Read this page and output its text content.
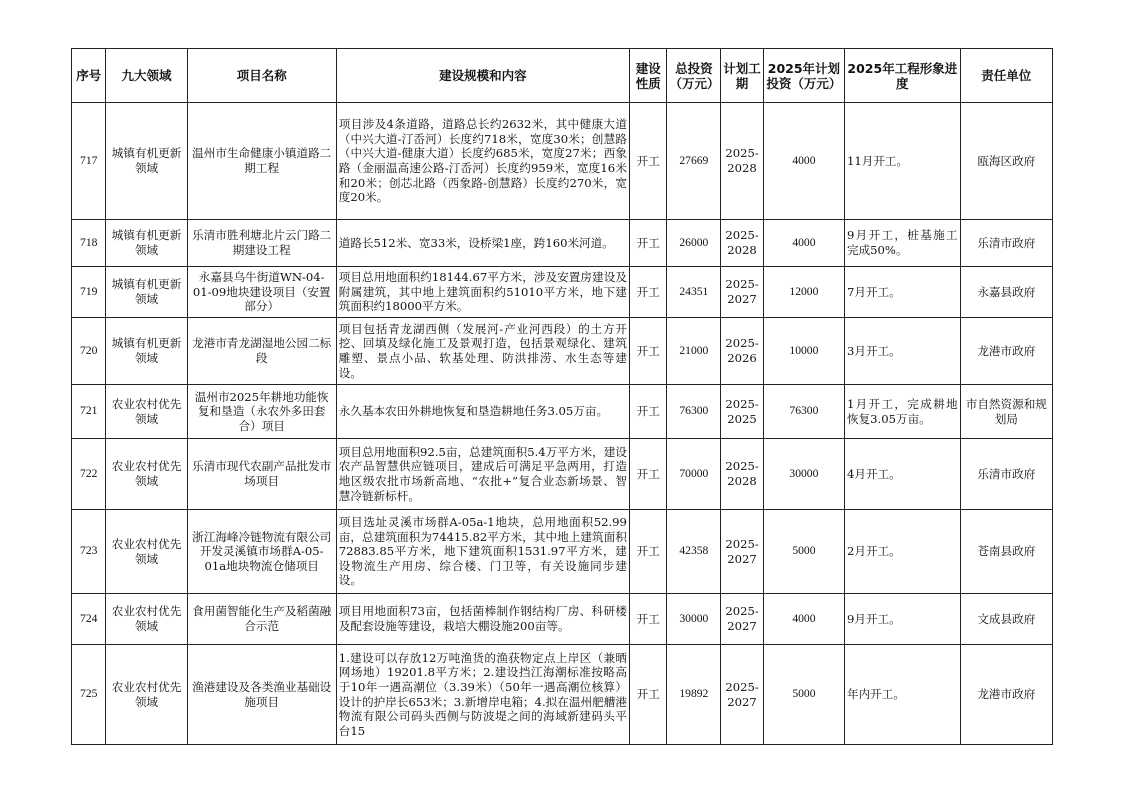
序号	九大领域	项目名称	建设规模和内容	建设性质	总投资（万元）	计划工期	2025年计划投资（万元）	2025年工程形象进度	责任单位
717	城镇有机更新领域	温州市生命健康小镇道路二期工程	项目涉及4条道路，道路总长约2632米，其中健康大道（中兴大道-汀岙河）长度约718米，宽度30米；创慧路（中兴大道-健康大道）长度约685米，宽度27米；西象路（金丽温高速公路-汀岙河）长度约959米，宽度16米和20米；创芯北路（西象路-创慧路）长度约270米，宽度20米。	开工	27669	2025-2028	4000	11月开工。	瓯海区政府
718	城镇有机更新领域	乐清市胜利塘北片云门路二期建设工程	道路长512米、宽33米，设桥梁1座，跨160米河道。	开工	26000	2025-2028	4000	9月开工，桩基施工完成50%。	乐清市政府
719	城镇有机更新领域	永嘉县乌牛街道WN-04-01-09地块建设项目（安置部分）	项目总用地面积约18144.67平方米，涉及安置房建设及附属建筑，其中地上建筑面积约51010平方米，地下建筑面积约18000平方米。	开工	24351	2025-2027	12000	7月开工。	永嘉县政府
720	城镇有机更新领域	龙港市青龙湖湿地公园二标段	项目包括青龙湖西侧（发展河-产业河西段）的土方开挖、回填及绿化施工及景观打造，包括景观绿化、建筑雕塑、景点小品、软基处理、防洪排涝、水生态等建设。	开工	21000	2025-2026	10000	3月开工。	龙港市政府
721	农业农村优先领域	温州市2025年耕地功能恢复和垦造（永农外多田套合）项目	永久基本农田外耕地恢复和垦造耕地任务3.05万亩。	开工	76300	2025-2025	76300	1月开工，完成耕地恢复3.05万亩。	市自然资源和规划局
722	农业农村优先领域	乐清市现代农副产品批发市场项目	项目总用地面积92.5亩，总建筑面积5.4万平方米，建设农产品智慧供应链项目，建成后可满足平急两用，打造地区级农批市场新高地、“农批+”复合业态新场景、智慧冷链新标杆。	开工	70000	2025-2028	30000	4月开工。	乐清市政府
723	农业农村优先领域	浙江海峰冷链物流有限公司开发灵溪镇市场群A-05-01a地块物流仓储项目	项目选址灵溪市场群A-05a-1地块，总用地面积52.99亩，总建筑面积为74415.82平方米，其中地上建筑面积72883.85平方米，地下建筑面积1531.97平方米，建设物流生产用房、综合楼、门卫等，有关设施同步建设。	开工	42358	2025-2027	5000	2月开工。	苍南县政府
724	农业农村优先领域	食用菌智能化生产及稻菌融合示范	项目用地面积73亩，包括菌棒制作钢结构厂房、科研楼及配套设施等建设，栽培大棚设施200亩等。	开工	30000	2025-2027	4000	9月开工。	文成县政府
725	农业农村优先领域	渔港建设及各类渔业基础设施项目	1.建设可以存放12万吨渔货的渔获物定点上岸区（兼晒网场地）19201.8平方米；2.建设挡江海潮标准按略高于10年一遇高潮位（3.39米）（50年一遇高潮位核算）设计的护岸长653米；3.新增岸电箱；4.拟在温州舥艚港物流有限公司码头西侧与防波堤之间的海域新建码头平台15	开工	19892	2025-2027	5000	年内开工。	龙港市政府
